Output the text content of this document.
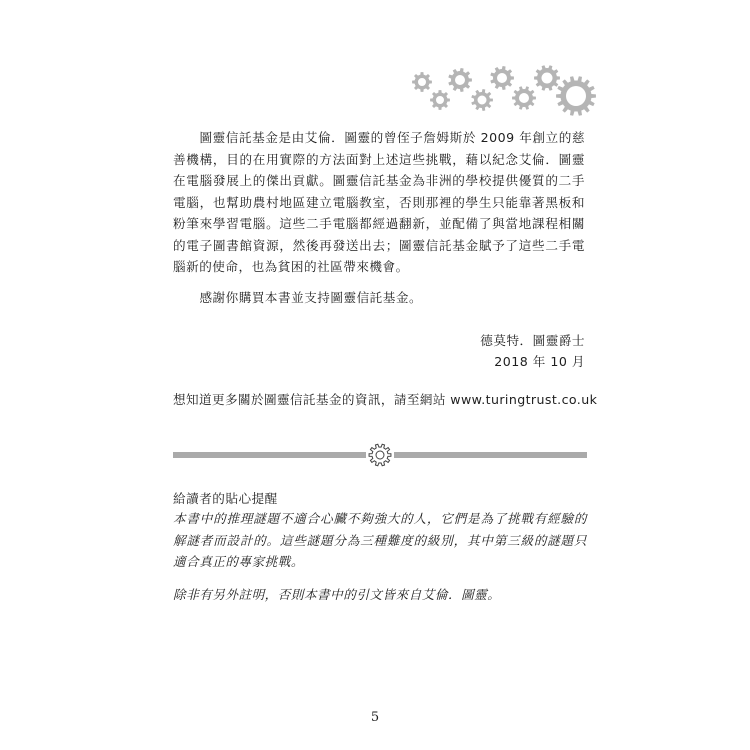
圖靈信託基金是由艾倫．圖靈的曾侄子詹姆斯於 2009 年創立的慈善機構，目的在用實際的方法面對上述這些挑戰，藉以紀念艾倫．圖靈在電腦發展上的傑出貢獻。圖靈信託基金為非洲的學校提供優質的二手電腦，也幫助農村地區建立電腦教室，否則那裡的學生只能靠著黑板和粉筆來學習電腦。這些二手電腦都經過翻新，並配備了與當地課程相關的電子圖書館資源，然後再發送出去；圖靈信託基金賦予了這些二手電腦新的使命，也為貧困的社區帶來機會。

感謝你購買本書並支持圖靈信託基金。

德莫特．圖靈爵士
2018 年 10 月

想知道更多關於圖靈信託基金的資訊，請至網站 www.turingtrust.co.uk

給讀者的貼心提醒

本書中的推理謎題不適合心臟不夠強大的人，它們是為了挑戰有經驗的解謎者而設計的。這些謎題分為三種難度的級別，其中第三級的謎題只適合真正的專家挑戰。

除非有另外註明，否則本書中的引文皆來自艾倫．圖靈。

5
